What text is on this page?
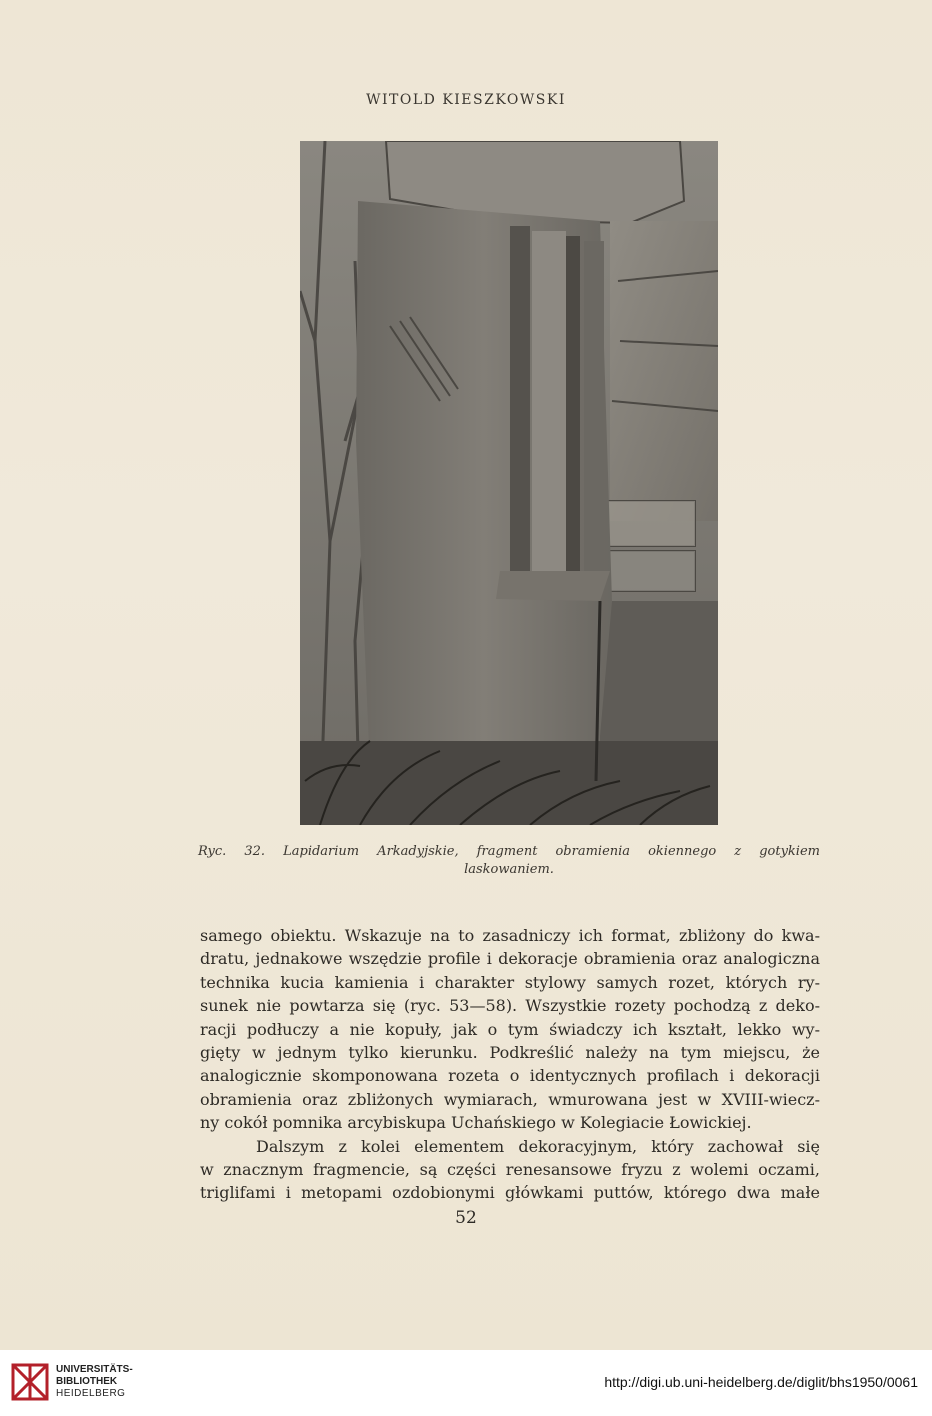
WITOLD KIESZKOWSKI
Ryc. 32. Lapidarium Arkadyjskie, fragment obramienia okiennego z gotykiem
laskowaniem.
samego obiektu. Wskazuje na to zasadniczy ich format, zbliżony do kwa-
dratu, jednakowe wszędzie profile i dekoracje obramienia oraz analogiczna
technika kucia kamienia i charakter stylowy samych rozet, których ry-
sunek nie powtarza się (ryc. 53—58). Wszystkie rozety pochodzą z deko-
racji podłuczy a nie kopuły, jak o tym świadczy ich kształt, lekko wy-
gięty w jednym tylko kierunku. Podkreślić należy na tym miejscu, że
analogicznie skomponowana rozeta o identycznych profilach i dekoracji
obramienia oraz zbliżonych wymiarach, wmurowana jest w XVIII-wiecz-
ny cokół pomnika arcybiskupa Uchańskiego w Kolegiacie Łowickiej.
Dalszym z kolei elementem dekoracyjnym, który zachował się
w znacznym fragmencie, są części renesansowe fryzu z wolemi oczami,
triglifami i metopami ozdobionymi główkami puttów, którego dwa małe
52
UNIVERSITÄTS-
BIBLIOTHEK
HEIDELBERG
http://digi.ub.uni-heidelberg.de/diglit/bhs1950/0061
